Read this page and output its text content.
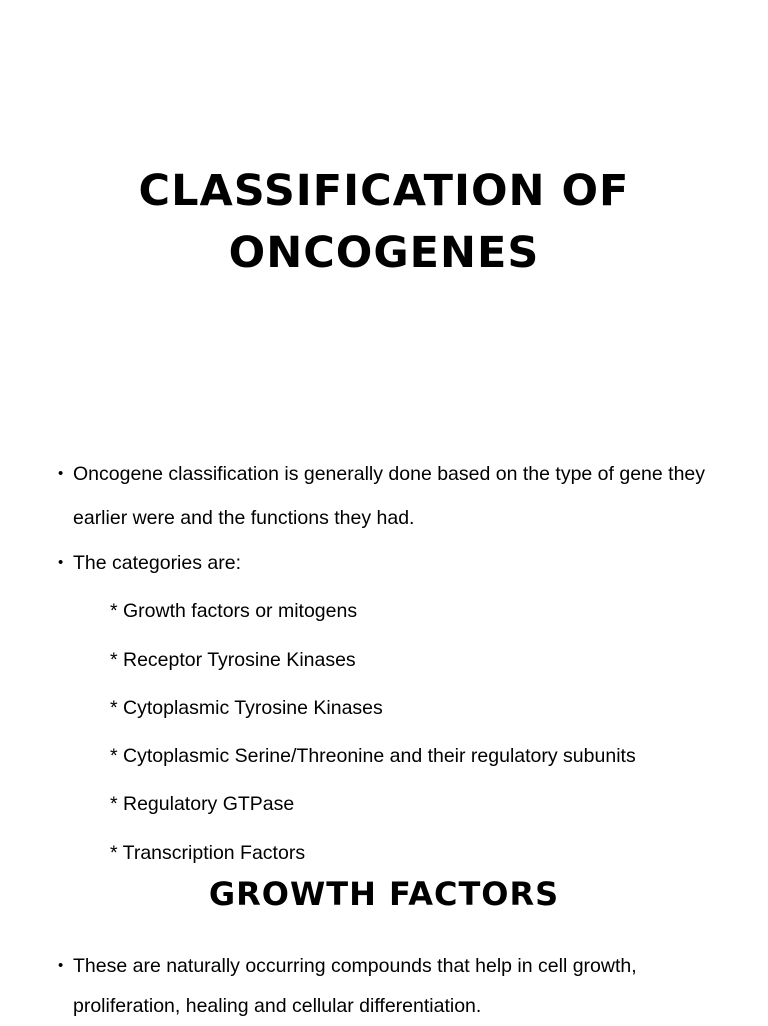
CLASSIFICATION OF
ONCOGENES
• Oncogene classification is generally done based on the type of gene they earlier were and the functions they had.
• The categories are:
* Growth factors or mitogens
* Receptor Tyrosine Kinases
* Cytoplasmic Tyrosine Kinases
* Cytoplasmic Serine/Threonine and their regulatory subunits
* Regulatory GTPase
* Transcription Factors
GROWTH FACTORS
• These are naturally occurring compounds that help in cell growth, proliferation, healing and cellular differentiation.
